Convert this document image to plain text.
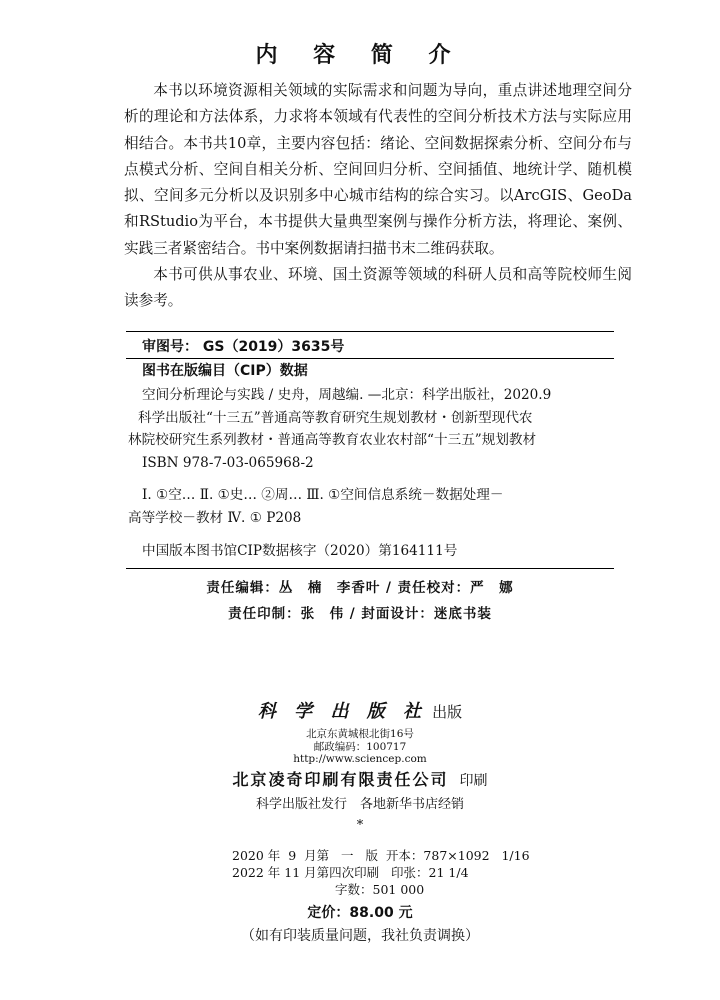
内 容 简 介

本书以环境资源相关领域的实际需求和问题为导向，重点讲述地理空间分析的理论和方法体系，力求将本领域有代表性的空间分析技术方法与实际应用相结合。本书共10章，主要内容包括：绪论、空间数据探索分析、空间分布与点模式分析、空间自相关分析、空间回归分析、空间插值、地统计学、随机模拟、空间多元分析以及识别多中心城市结构的综合实习。以ArcGIS、GeoDa和RStudio为平台，本书提供大量典型案例与操作分析方法，将理论、案例、实践三者紧密结合。书中案例数据请扫描书末二维码获取。

本书可供从事农业、环境、国土资源等领域的科研人员和高等院校师生阅读参考。

审图号： GS（2019）3635号
图书在版编目（CIP）数据
空间分析理论与实践 / 史舟，周越编. —北京：科学出版社，2020.9
科学出版社“十三五”普通高等教育研究生规划教材・创新型现代农
林院校研究生系列教材・普通高等教育农业农村部“十三五”规划教材
ISBN 978-7-03-065968-2
Ⅰ. ①空… Ⅱ. ①史… ②周… Ⅲ. ①空间信息系统－数据处理－
高等学校－教材 Ⅳ. ① P208
中国版本图书馆CIP数据核字（2020）第164111号
责任编辑：丛　楠　李香叶 / 责任校对：严　娜
责任印制：张　伟 / 封面设计：迷底书装
科 学 出 版 社 出版
北京东黄城根北街16号
邮政编码：100717
http://www.sciencep.com
北京凌奇印刷有限责任公司 印刷
科学出版社发行　各地新华书店经销
*
2020 年  9  月第   一   版  开本：787×1092   1/16
2022 年 11 月第四次印刷   印张：21 1/4
字数：501 000
定价：88.00 元
（如有印装质量问题，我社负责调换）
